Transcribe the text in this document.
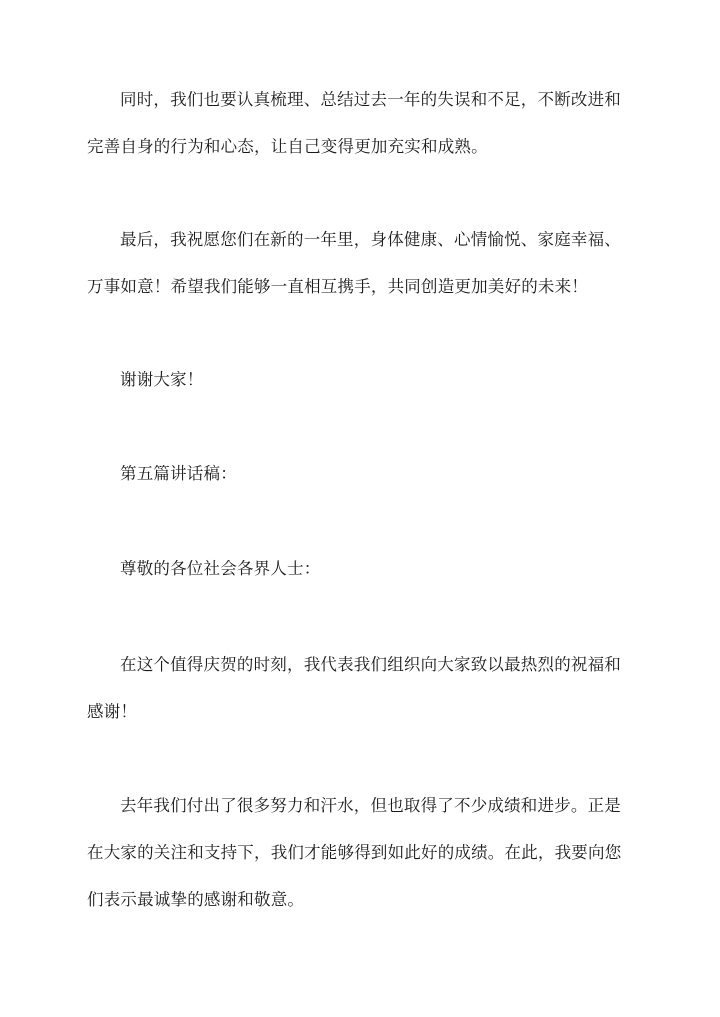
同时，我们也要认真梳理、总结过去一年的失误和不足，不断改进和完善自身的行为和心态，让自己变得更加充实和成熟。

最后，我祝愿您们在新的一年里，身体健康、心情愉悦、家庭幸福、万事如意！希望我们能够一直相互携手，共同创造更加美好的未来！

谢谢大家！

第五篇讲话稿：

尊敬的各位社会各界人士：

在这个值得庆贺的时刻，我代表我们组织向大家致以最热烈的祝福和感谢！

去年我们付出了很多努力和汗水，但也取得了不少成绩和进步。正是在大家的关注和支持下，我们才能够得到如此好的成绩。在此，我要向您们表示最诚挚的感谢和敬意。
